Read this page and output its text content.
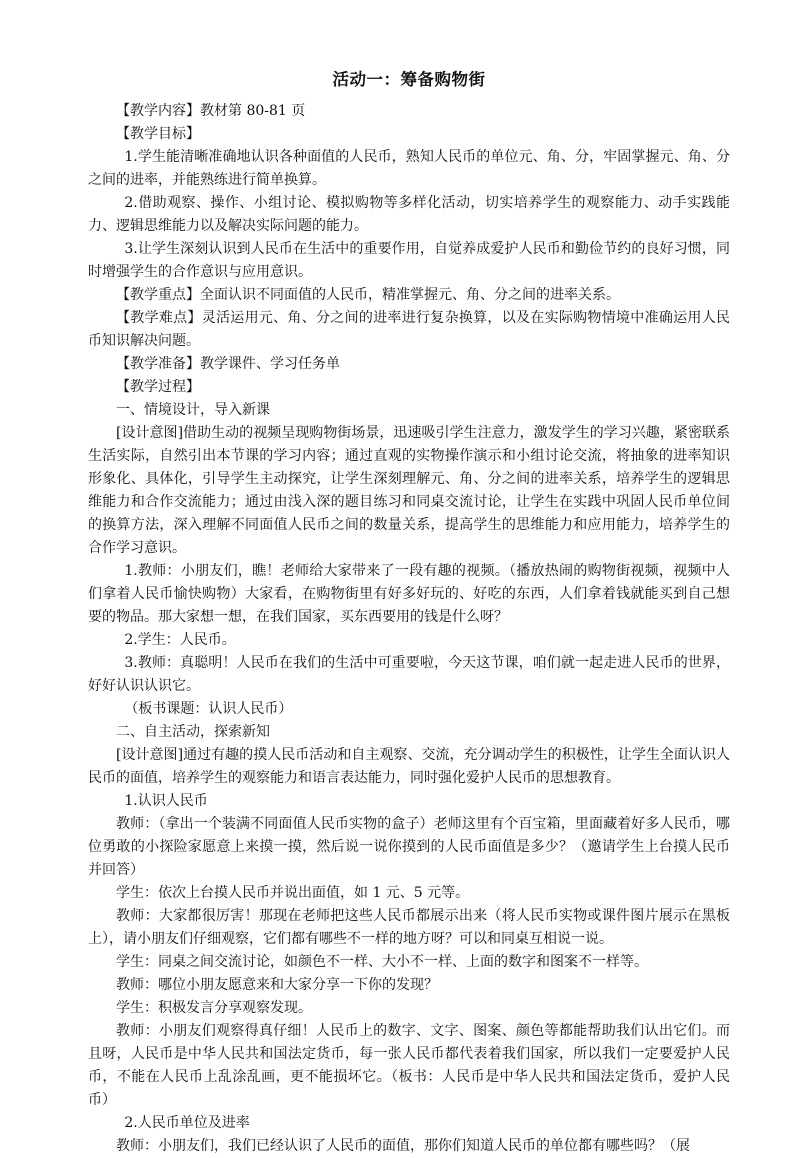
活动一：筹备购物街

【教学内容】教材第 80-81 页

【教学目标】

1.学生能清晰准确地认识各种面值的人民币，熟知人民币的单位元、角、分，牢固掌握元、角、分之间的进率，并能熟练进行简单换算。

2.借助观察、操作、小组讨论、模拟购物等多样化活动，切实培养学生的观察能力、动手实践能力、逻辑思维能力以及解决实际问题的能力。

3.让学生深刻认识到人民币在生活中的重要作用，自觉养成爱护人民币和勤俭节约的良好习惯，同时增强学生的合作意识与应用意识。

【教学重点】全面认识不同面值的人民币，精准掌握元、角、分之间的进率关系。

【教学难点】灵活运用元、角、分之间的进率进行复杂换算，以及在实际购物情境中准确运用人民币知识解决问题。

【教学准备】教学课件、学习任务单

【教学过程】

一、情境设计，导入新课

[设计意图]借助生动的视频呈现购物街场景，迅速吸引学生注意力，激发学生的学习兴趣，紧密联系生活实际，自然引出本节课的学习内容；通过直观的实物操作演示和小组讨论交流，将抽象的进率知识形象化、具体化，引导学生主动探究，让学生深刻理解元、角、分之间的进率关系，培养学生的逻辑思维能力和合作交流能力；通过由浅入深的题目练习和同桌交流讨论，让学生在实践中巩固人民币单位间的换算方法，深入理解不同面值人民币之间的数量关系，提高学生的思维能力和应用能力，培养学生的合作学习意识。

1.教师：小朋友们，瞧！老师给大家带来了一段有趣的视频。（播放热闹的购物街视频，视频中人们拿着人民币愉快购物）大家看，在购物街里有好多好玩的、好吃的东西，人们拿着钱就能买到自己想要的物品。那大家想一想，在我们国家，买东西要用的钱是什么呀？

2.学生：人民币。

3.教师：真聪明！人民币在我们的生活中可重要啦，今天这节课，咱们就一起走进人民币的世界，好好认识认识它。

（板书课题：认识人民币）

二、自主活动，探索新知

[设计意图]通过有趣的摸人民币活动和自主观察、交流，充分调动学生的积极性，让学生全面认识人民币的面值，培养学生的观察能力和语言表达能力，同时强化爱护人民币的思想教育。

1.认识人民币

教师：（拿出一个装满不同面值人民币实物的盒子）老师这里有个百宝箱，里面藏着好多人民币，哪位勇敢的小探险家愿意上来摸一摸，然后说一说你摸到的人民币面值是多少？（邀请学生上台摸人民币并回答）

学生：依次上台摸人民币并说出面值，如 1 元、5 元等。

教师：大家都很厉害！那现在老师把这些人民币都展示出来（将人民币实物或课件图片展示在黑板上），请小朋友们仔细观察，它们都有哪些不一样的地方呀？可以和同桌互相说一说。

学生：同桌之间交流讨论，如颜色不一样、大小不一样、上面的数字和图案不一样等。

教师：哪位小朋友愿意来和大家分享一下你的发现？

学生：积极发言分享观察发现。

教师：小朋友们观察得真仔细！人民币上的数字、文字、图案、颜色等都能帮助我们认出它们。而且呀，人民币是中华人民共和国法定货币，每一张人民币都代表着我们国家，所以我们一定要爱护人民币，不能在人民币上乱涂乱画，更不能损坏它。（板书：人民币是中华人民共和国法定货币，爱护人民币）

2.人民币单位及进率

教师：小朋友们，我们已经认识了人民币的面值，那你们知道人民币的单位都有哪些吗？（展
